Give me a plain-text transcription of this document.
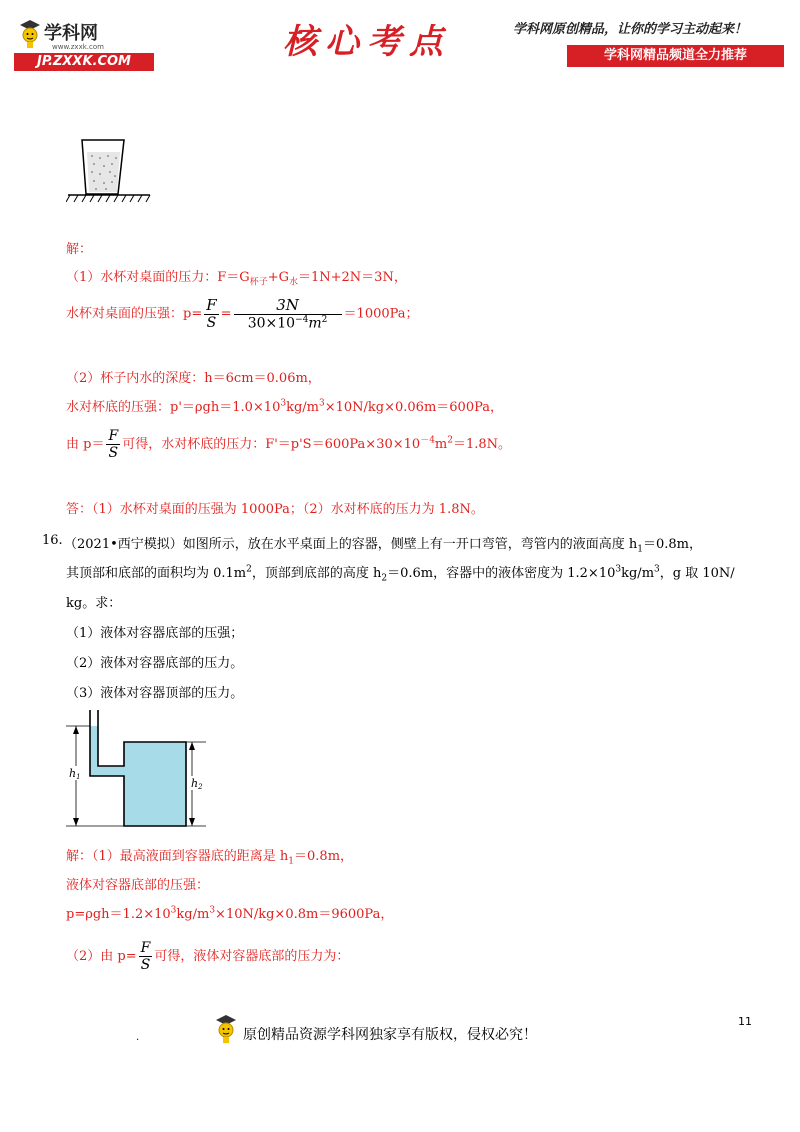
学科网
www.zxxk.com
JP.ZXXK.COM	核心考点	学科网原创精品，让你的学习主动起来！
学科网精品频道全力推荐
解：
（1）水杯对桌面的压力：$F=G_{杯子}+G_水=1N+2N=3N$，
水杯对桌面的压强：$p= \frac{F}{S} = \frac{3N}{30\times 10^{-4}m^2} =1000Pa$；
（2）杯子内水的深度：h＝6cm＝0.06m，
水对杯底的压强：$p'=\rho gh=1.0\times 10^3kg/m^3\times 10N/kg\times 0.06m=600Pa$，
由 $p= \frac{F}{S}$ 可得，水对杯底的压力：$F'=p'S=600Pa\times 30\times 10^{-4}m^2=1.8N$。
答：（1）水杯对桌面的压强为 1000Pa；（2）水对杯底的压力为 1.8N。
16. （2021•西宁模拟）如图所示，放在水平桌面上的容器，侧壁上有一开口弯管，弯管内的液面高度 $h_1=0.8m$，
其顶部和底部的面积均为 $0.1m^2$，顶部到底部的高度 $h_2=0.6m$，容器中的液体密度为 $1.2\times 10^3kg/m^3$，g 取 10N/
kg。求：
（1）液体对容器底部的压强；
（2）液体对容器底部的压力。
（3）液体对容器顶部的压力。
h1	h2
解：（1）最高液面到容器底的距离是 $h_1=0.8m$，
液体对容器底部的压强：
$p=\rho gh=1.2\times 10^3kg/m^3\times 10N/kg\times 0.8m=9600Pa$，
（2）由 $p= \frac{F}{S}$ 可得，液体对容器底部的压力为：
原创精品资源学科网独家享有版权，侵权必究！
.
11
